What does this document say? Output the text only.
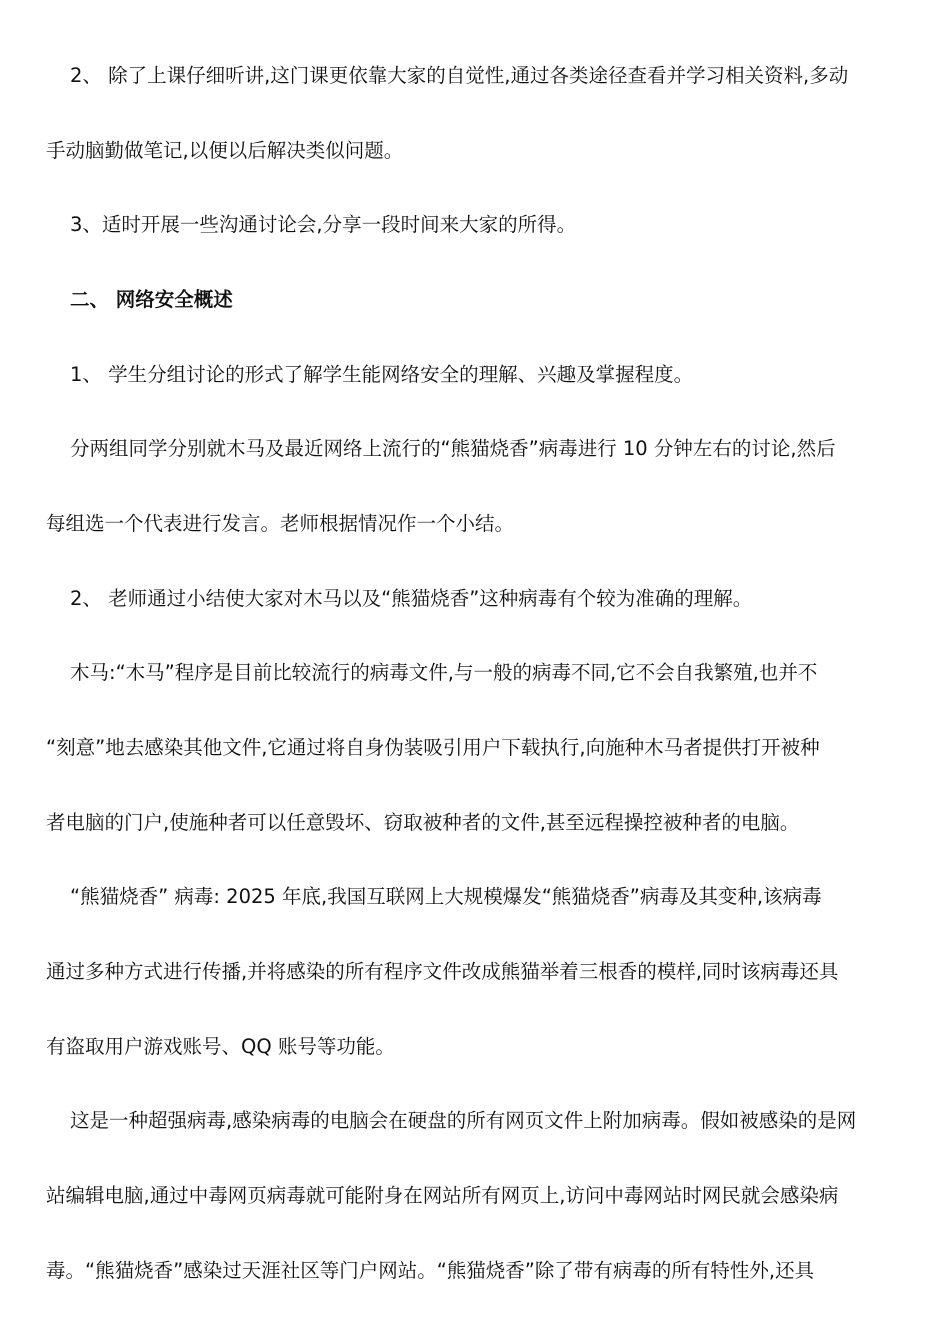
2、 除了上课仔细听讲,这门课更依靠大家的自觉性,通过各类途径查看并学习相关资料,多动
手动脑勤做笔记,以便以后解决类似问题。
3、适时开展一些沟通讨论会,分享一段时间来大家的所得。
二、 网络安全概述
1、 学生分组讨论的形式了解学生能网络安全的理解、兴趣及掌握程度。
分两组同学分别就木马及最近网络上流行的“熊猫烧香”病毒进行 10 分钟左右的讨论,然后
每组选一个代表进行发言。老师根据情况作一个小结。
2、 老师通过小结使大家对木马以及“熊猫烧香”这种病毒有个较为准确的理解。
木马:“木马”程序是目前比较流行的病毒文件,与一般的病毒不同,它不会自我繁殖,也并不
“刻意”地去感染其他文件,它通过将自身伪装吸引用户下载执行,向施种木马者提供打开被种
者电脑的门户,使施种者可以任意毁坏、窃取被种者的文件,甚至远程操控被种者的电脑。
“熊猫烧香” 病毒: 2025 年底,我国互联网上大规模爆发“熊猫烧香”病毒及其变种,该病毒
通过多种方式进行传播,并将感染的所有程序文件改成熊猫举着三根香的模样,同时该病毒还具
有盗取用户游戏账号、QQ 账号等功能。
这是一种超强病毒,感染病毒的电脑会在硬盘的所有网页文件上附加病毒。假如被感染的是网
站编辑电脑,通过中毒网页病毒就可能附身在网站所有网页上,访问中毒网站时网民就会感染病
毒。“熊猫烧香”感染过天涯社区等门户网站。“熊猫烧香”除了带有病毒的所有特性外,还具
